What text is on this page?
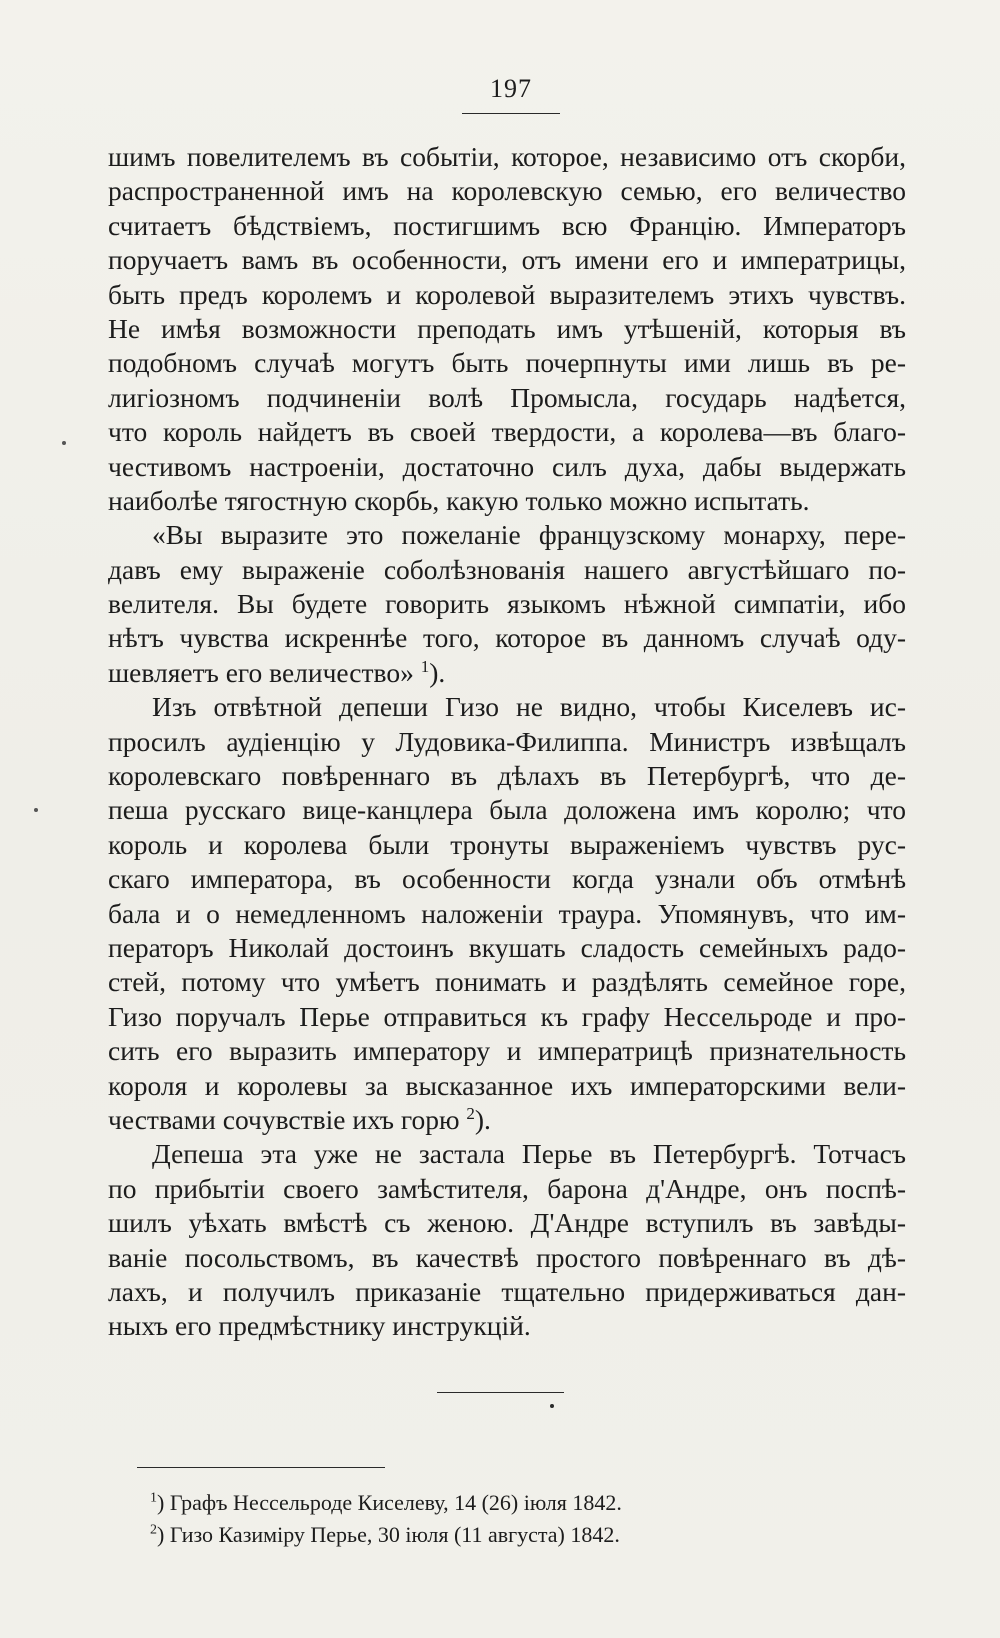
197
шимъ повелителемъ въ событіи, которое, независимо отъ скорби,
распространенной имъ на королевскую семью, его величество
считаетъ бѣдствіемъ, постигшимъ всю Францію. Императоръ
поручаетъ вамъ въ особенности, отъ имени его и императрицы,
быть предъ королемъ и королевой выразителемъ этихъ чувствъ.
Не имѣя возможности преподать имъ утѣшеній, которыя въ
подобномъ случаѣ могутъ быть почерпнуты ими лишь въ ре-
лигіозномъ подчиненіи волѣ Промысла, государь надѣется,
что король найдетъ въ своей твердости, а королева—въ благо-
честивомъ настроеніи, достаточно силъ духа, дабы выдержать
наиболѣе тягостную скорбь, какую только можно испытать.
«Вы выразите это пожеланіе французскому монарху, пере-
давъ ему выраженіе соболѣзнованія нашего августѣйшаго по-
велителя. Вы будете говорить языкомъ нѣжной симпатіи, ибо
нѣтъ чувства искреннѣе того, которое въ данномъ случаѣ оду-
шевляетъ его величество» $^1$).
Изъ отвѣтной депеши Гизо не видно, чтобы Киселевъ ис-
просилъ аудіенцію у Лудовика-Филиппа. Министръ извѣщалъ
королевскаго повѣреннаго въ дѣлахъ въ Петербургѣ, что де-
пеша русскаго вице-канцлера была доложена имъ королю; что
король и королева были тронуты выраженіемъ чувствъ рус-
скаго императора, въ особенности когда узнали объ отмѣнѣ
бала и о немедленномъ наложеніи траура. Упомянувъ, что им-
ператоръ Николай достоинъ вкушать сладость семейныхъ радо-
стей, потому что умѣетъ понимать и раздѣлять семейное горе,
Гизо поручалъ Перье отправиться къ графу Нессельроде и про-
сить его выразить императору и императрицѣ признательность
короля и королевы за высказанное ихъ императорскими вели-
чествами сочувствіе ихъ горю $^2$).
Депеша эта уже не застала Перье въ Петербургѣ. Тотчасъ
по прибытіи своего замѣстителя, барона д'Андре, онъ поспѣ-
шилъ уѣхать вмѣстѣ съ женою. Д'Андре вступилъ въ завѣды-
ваніе посольствомъ, въ качествѣ простого повѣреннаго въ дѣ-
лахъ, и получилъ приказаніе тщательно придерживаться дан-
ныхъ его предмѣстнику инструкцій.
$^1$) Графъ Нессельроде Киселеву, 14 (26) іюля 1842.
$^2$) Гизо Казиміру Перье, 30 іюля (11 августа) 1842.
